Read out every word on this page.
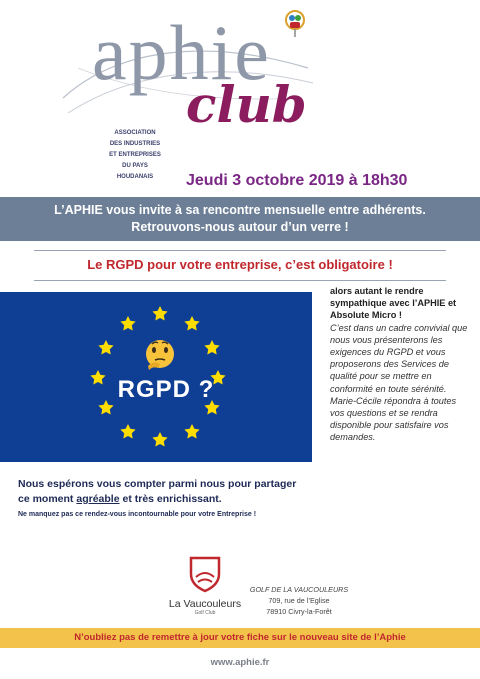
aphie
club
ASSOCIATION
DES INDUSTRIES
ET ENTREPRISES
DU PAYS
HOUDANAIS	Jeudi 3 octobre 2019 à 18h30
L’APHIE vous invite à sa rencontre mensuelle entre adhérents.
Retrouvons-nous autour d’un verre !
Le RGPD pour votre entreprise, c’est obligatoire !
RGPD ?
alors autant le rendre sympathique avec l’APHIE et Absolute Micro !
C’est dans un cadre convivial que nous vous présenterons les exigences du RGPD et vous proposerons des Services de qualité pour se mettre en conformité en toute sérénité. Marie-Cécile répondra à toutes vos questions et se rendra disponible pour satisfaire vos demandes.
Nous espérons vous compter parmi nous pour partager
ce moment agréable et très enrichissant.
Ne manquez pas ce rendez-vous incontournable pour votre Entreprise !
La Vaucouleurs
Golf Club
GOLF DE LA VAUCOULEURS
709, rue de l’Eglise
78910 Civry-la-Forêt
N’oubliez pas de remettre à jour votre fiche sur le nouveau site de l’Aphie
www.aphie.fr
